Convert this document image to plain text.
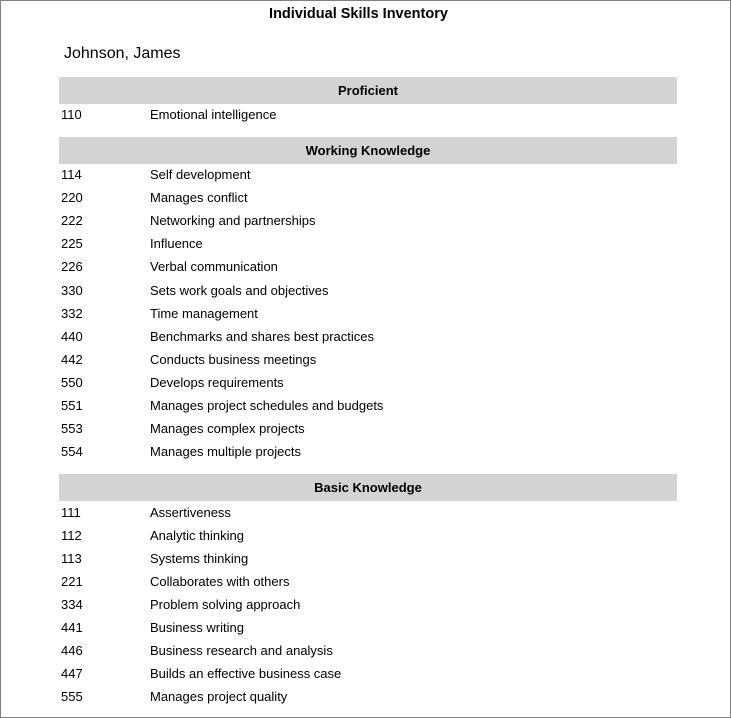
Individual Skills Inventory
Johnson, James
Proficient
110	Emotional intelligence
Working Knowledge
114	Self development
220	Manages conflict
222	Networking and partnerships
225	Influence
226	Verbal communication
330	Sets work goals and objectives
332	Time management
440	Benchmarks and shares best practices
442	Conducts business meetings
550	Develops requirements
551	Manages project schedules and budgets
553	Manages complex projects
554	Manages multiple projects
Basic Knowledge
111	Assertiveness
112	Analytic thinking
113	Systems thinking
221	Collaborates with others
334	Problem solving approach
441	Business writing
446	Business research and analysis
447	Builds an effective business case
555	Manages project quality
